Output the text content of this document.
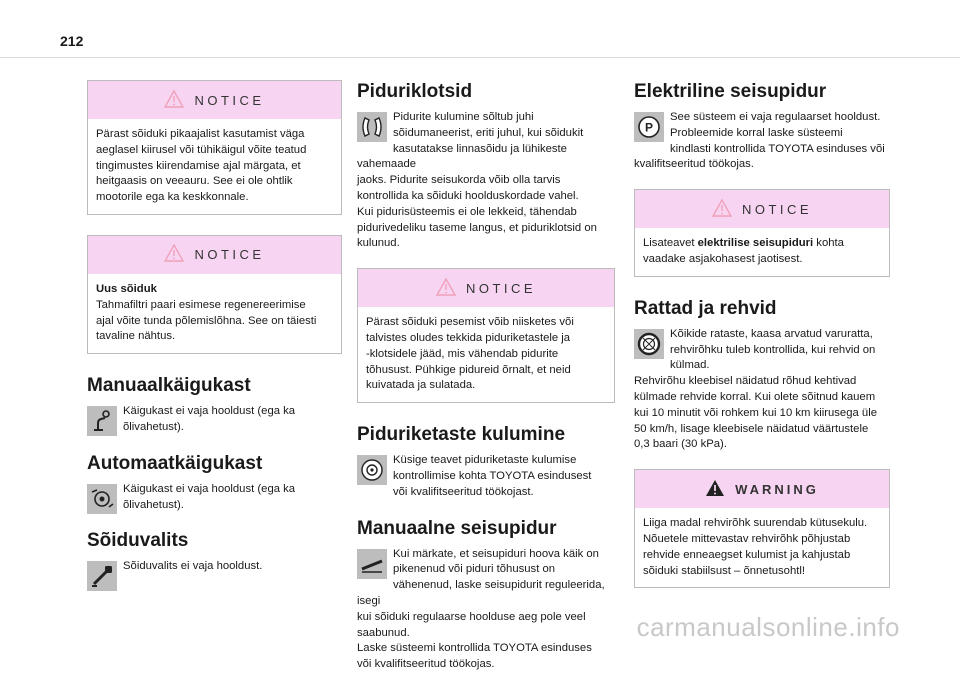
212
NOTICE
Pärast sõiduki pikaajalist kasutamist väga
aeglasel kiirusel või tühikäigul võite teatud
tingimustes kiirendamise ajal märgata, et
heitgaasis on veeauru. See ei ole ohtlik
mootorile ega ka keskkonnale.
NOTICE
Uus sõiduk
Tahmafiltri paari esimese regenereerimise
ajal võite tunda põlemislõhna. See on täiesti
tavaline nähtus.
Manuaalkäigukast
Käigukast ei vaja hooldust (ega ka
õlivahetust).
Automaatkäigukast
Käigukast ei vaja hooldust (ega ka
õlivahetust).
Sõiduvalits
Sõiduvalits ei vaja hooldust.
Piduriklotsid
Pidurite kulumine sõltub juhi
sõidumaneerist, eriti juhul, kui sõidukit
kasutatakse linnasõidu ja lühikeste vahemaade
jaoks. Pidurite seisukorda võib olla tarvis
kontrollida ka sõiduki hoolduskordade vahel.
Kui pidurisüsteemis ei ole lekkeid, tähendab
pidurivedeliku taseme langus, et piduriklotsid on
kulunud.
NOTICE
Pärast sõiduki pesemist võib niisketes või
talvistes oludes tekkida piduriketastele ja
-klotsidele jääd, mis vähendab pidurite
tõhusust. Pühkige pidureid õrnalt, et neid
kuivatada ja sulatada.
Piduriketaste kulumine
Küsige teavet piduriketaste kulumise
kontrollimise kohta TOYOTA esindusest
või kvalifitseeritud töökojast.
Manuaalne seisupidur
Kui märkate, et seisupiduri hoova käik on
pikenenud või piduri tõhusust on
vähenenud, laske seisupidurit reguleerida, isegi
kui sõiduki regulaarse hoolduse aeg pole veel
saabunud.
Laske süsteemi kontrollida TOYOTA esinduses
või kvalifitseeritud töökojas.
Elektriline seisupidur
P
See süsteem ei vaja regulaarset hooldust.
Probleemide korral laske süsteemi
kindlasti kontrollida TOYOTA esinduses või
kvalifitseeritud töökojas.
NOTICE
Lisateavet elektrilise seisupiduri kohta
vaadake asjakohasest jaotisest.
Rattad ja rehvid
Kõikide rataste, kaasa arvatud varuratta,
rehvirõhku tuleb kontrollida, kui rehvid on
külmad.
Rehvirõhu kleebisel näidatud rõhud kehtivad
külmade rehvide korral. Kui olete sõitnud kauem
kui 10 minutit või rohkem kui 10 km kiirusega üle
50 km/h, lisage kleebisele näidatud väärtustele
0,3 baari (30 kPa).
WARNING
Liiga madal rehvirõhk suurendab kütusekulu.
Nõuetele mittevastav rehvirõhk põhjustab
rehvide enneaegset kulumist ja kahjustab
sõiduki stabiilsust – õnnetusohtl!
carmanualsonline.info
